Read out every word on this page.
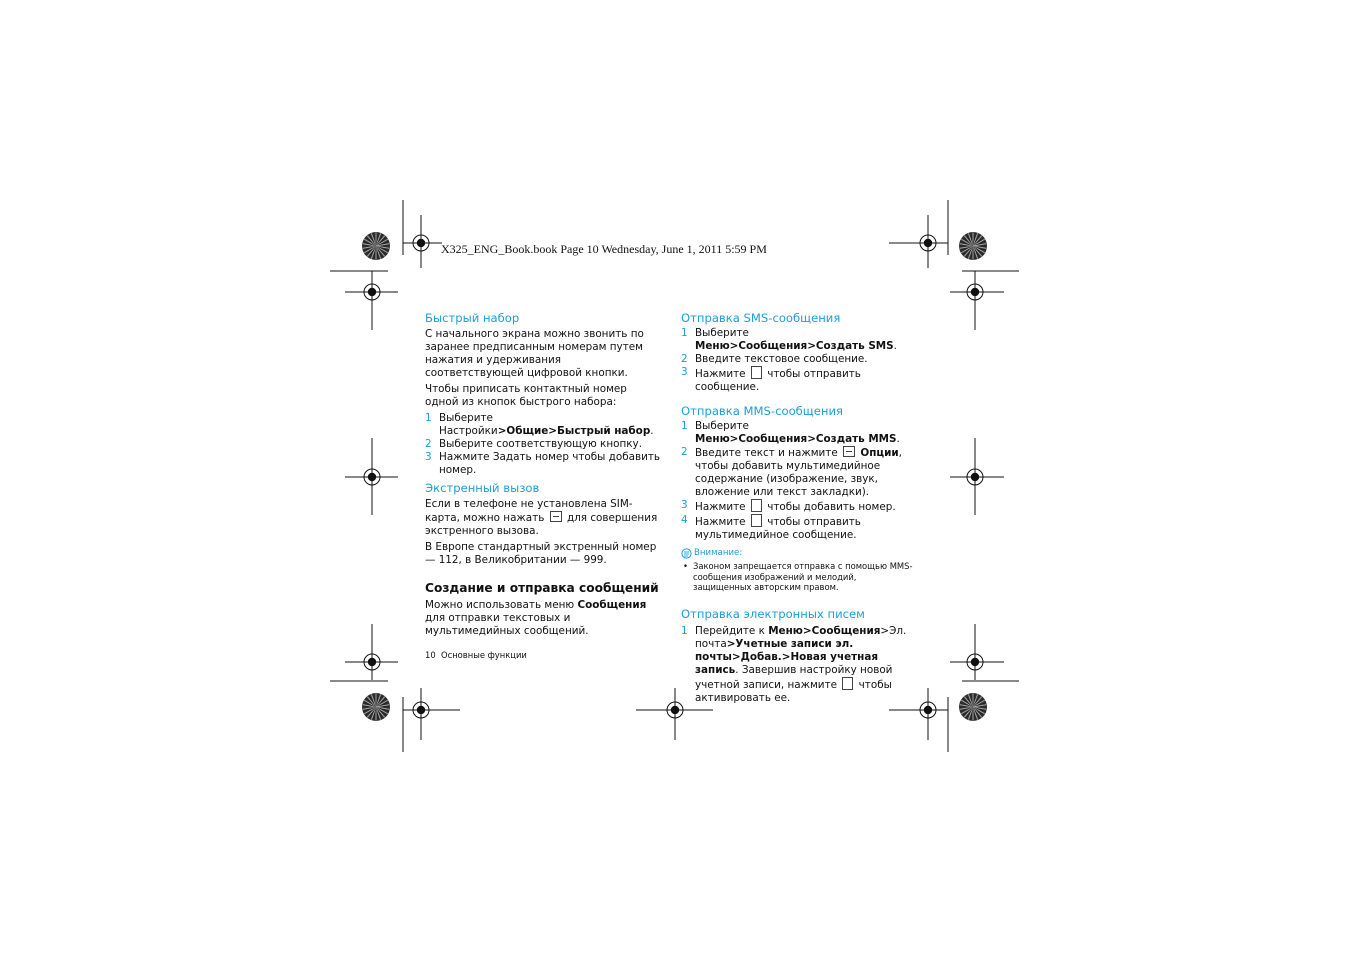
X325_ENG_Book.book Page 10 Wednesday, June 1, 2011 5:59 PM

Быстрый набор

С начального экрана можно звонить по заранее предписанным номерам путем нажатия и удерживания соответствующей цифровой кнопки.

Чтобы приписать контактный номер одной из кнопок быстрого набора:

1 Выберите Настройки>Общие>Быстрый набор.
2 Выберите соответствующую кнопку.
3 Нажмите Задать номер чтобы добавить номер.

Экстренный вызов

Если в телефоне не установлена SIM-карта, можно нажать для совершения экстренного вызова.

В Европе стандартный экстренный номер — 112, в Великобритании — 999.

Создание и отправка сообщений

Можно использовать меню Сообщения для отправки текстовых и мультимедийных сообщений.

Отправка SMS-сообщения

1 Выберите Меню>Сообщения>Создать SMS.
2 Введите текстовое сообщение.
3 Нажмите чтобы отправить сообщение.

Отправка MMS-сообщения

1 Выберите Меню>Сообщения>Создать MMS.
2 Введите текст и нажмите Опции, чтобы добавить мультимедийное содержание (изображение, звук, вложение или текст закладки).
3 Нажмите чтобы добавить номер.
4 Нажмите чтобы отправить мультимедийное сообщение.
Внимание:
• Законом запрещается отправка с помощью MMS-сообщения изображений и мелодий, защищенных авторским правом.

Отправка электронных писем

1 Перейдите к Меню>Сообщения>Эл. почта>Учетные записи эл. почты>Добав.>Новая учетная запись. Завершив настройку новой учетной записи, нажмите чтобы активировать ее.
10 Основные функции
